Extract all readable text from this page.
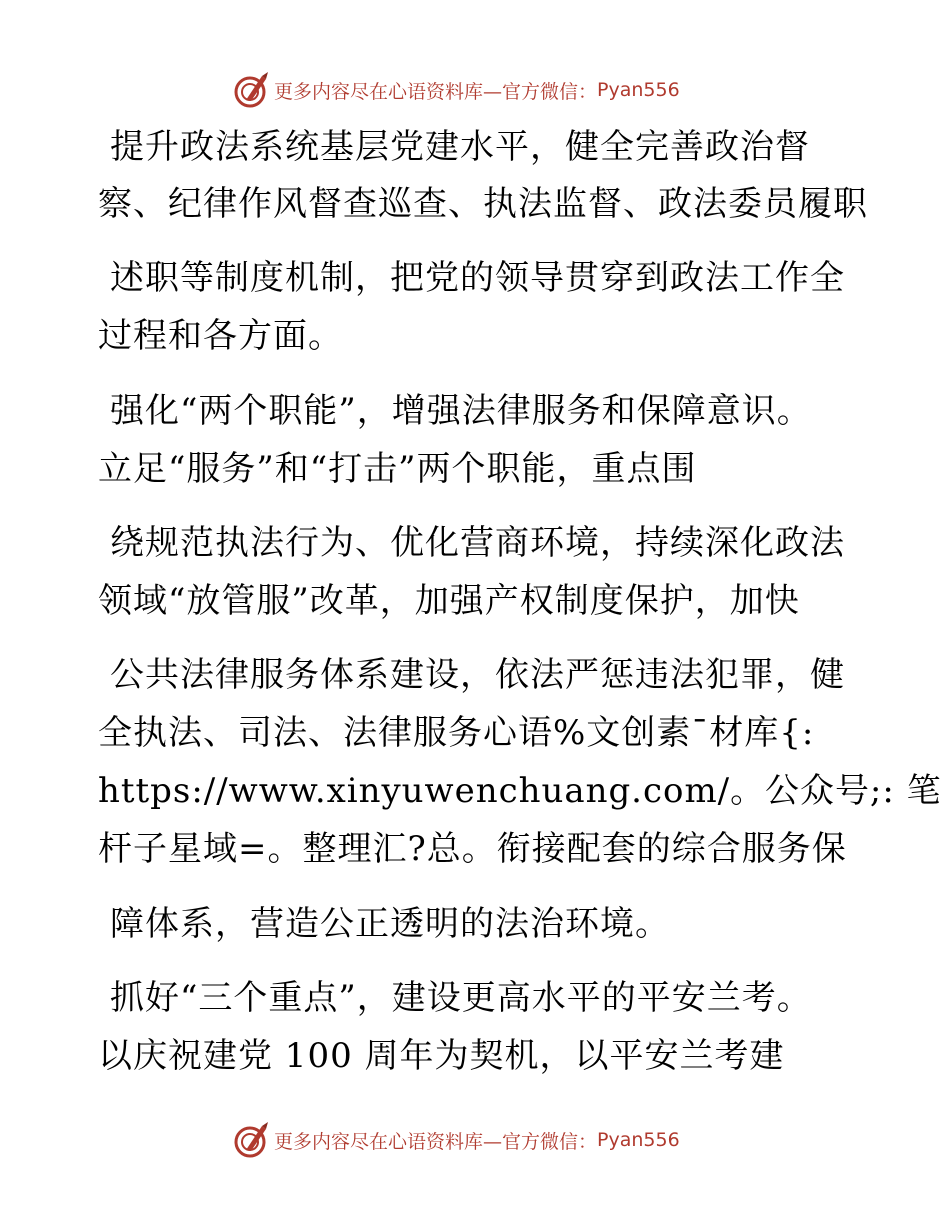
更多内容尽在心语资料库—官方微信： Pyan556
提升政法系统基层党建水平，健全完善政治督
察、纪律作风督查巡查、执法监督、政法委员履职
述职等制度机制，把党的领导贯穿到政法工作全
过程和各方面。
强化“两个职能”，增强法律服务和保障意识。
立足“服务”和“打击”两个职能，重点围
绕规范执法行为、优化营商环境，持续深化政法
领域“放管服”改革，加强产权制度保护，加快
公共法律服务体系建设，依法严惩违法犯罪，健
全执法、司法、法律服务心语%文创素¯材库{:
https://www.xinyuwenchuang.com/。公众号;: 笔
杆子星域=。整理汇?总。衔接配套的综合服务保
障体系，营造公正透明的法治环境。
抓好“三个重点”，建设更高水平的平安兰考。
以庆祝建党 100 周年为契机，以平安兰考建
更多内容尽在心语资料库—官方微信： Pyan556
